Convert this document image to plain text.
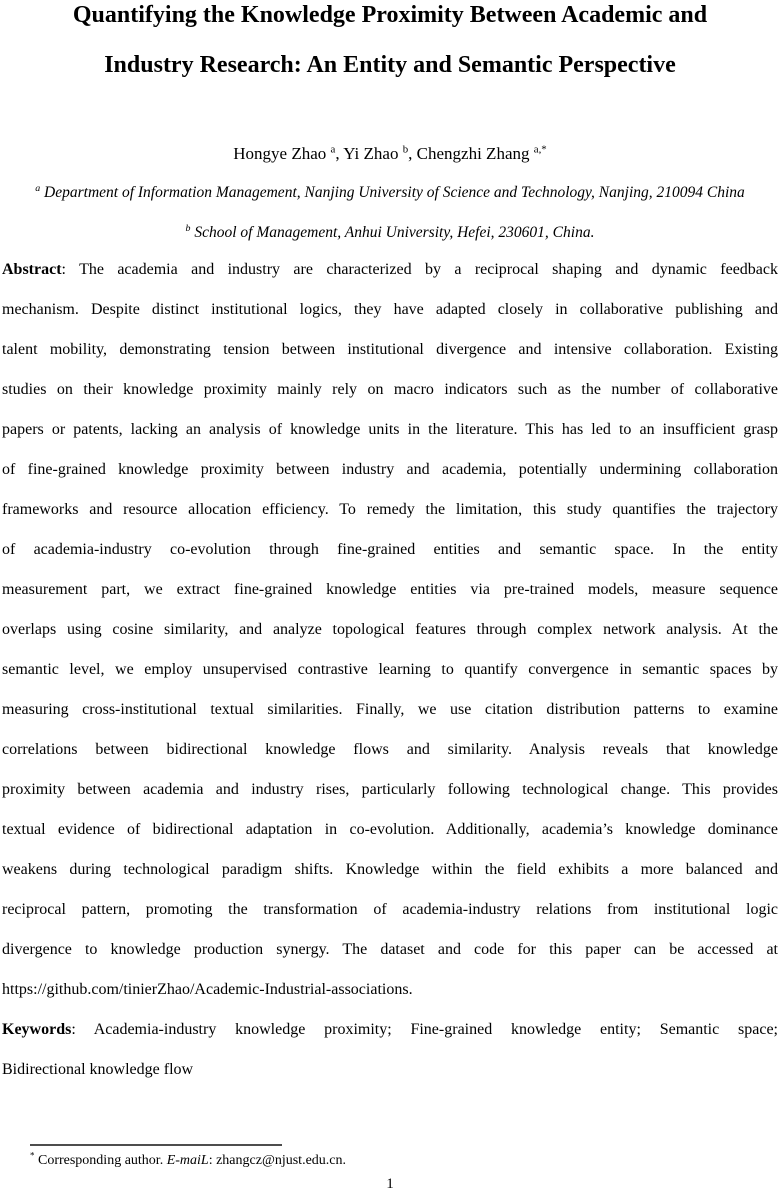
Quantifying the Knowledge Proximity Between Academic and
Industry Research: An Entity and Semantic Perspective
Hongye Zhao $^a$, Yi Zhao $^b$, Chengzhi Zhang $^{a,*}$
$^a$ Department of Information Management, Nanjing University of Science and Technology, Nanjing, 210094 China
$^b$ School of Management, Anhui University, Hefei, 230601, China.
Abstract: The academia and industry are characterized by a reciprocal shaping and dynamic feedback
mechanism. Despite distinct institutional logics, they have adapted closely in collaborative publishing and
talent mobility, demonstrating tension between institutional divergence and intensive collaboration. Existing
studies on their knowledge proximity mainly rely on macro indicators such as the number of collaborative
papers or patents, lacking an analysis of knowledge units in the literature. This has led to an insufficient grasp
of fine-grained knowledge proximity between industry and academia, potentially undermining collaboration
frameworks and resource allocation efficiency. To remedy the limitation, this study quantifies the trajectory
of academia-industry co-evolution through fine-grained entities and semantic space. In the entity
measurement part, we extract fine-grained knowledge entities via pre-trained models, measure sequence
overlaps using cosine similarity, and analyze topological features through complex network analysis. At the
semantic level, we employ unsupervised contrastive learning to quantify convergence in semantic spaces by
measuring cross-institutional textual similarities. Finally, we use citation distribution patterns to examine
correlations between bidirectional knowledge flows and similarity. Analysis reveals that knowledge
proximity between academia and industry rises, particularly following technological change. This provides
textual evidence of bidirectional adaptation in co-evolution. Additionally, academia’s knowledge dominance
weakens during technological paradigm shifts. Knowledge within the field exhibits a more balanced and
reciprocal pattern, promoting the transformation of academia-industry relations from institutional logic
divergence to knowledge production synergy. The dataset and code for this paper can be accessed at
https://github.com/tinierZhao/Academic-Industrial-associations.
Keywords: Academia-industry knowledge proximity; Fine-grained knowledge entity; Semantic space;
Bidirectional knowledge flow
* Corresponding author. E-maiL: zhangcz@njust.edu.cn.
1
